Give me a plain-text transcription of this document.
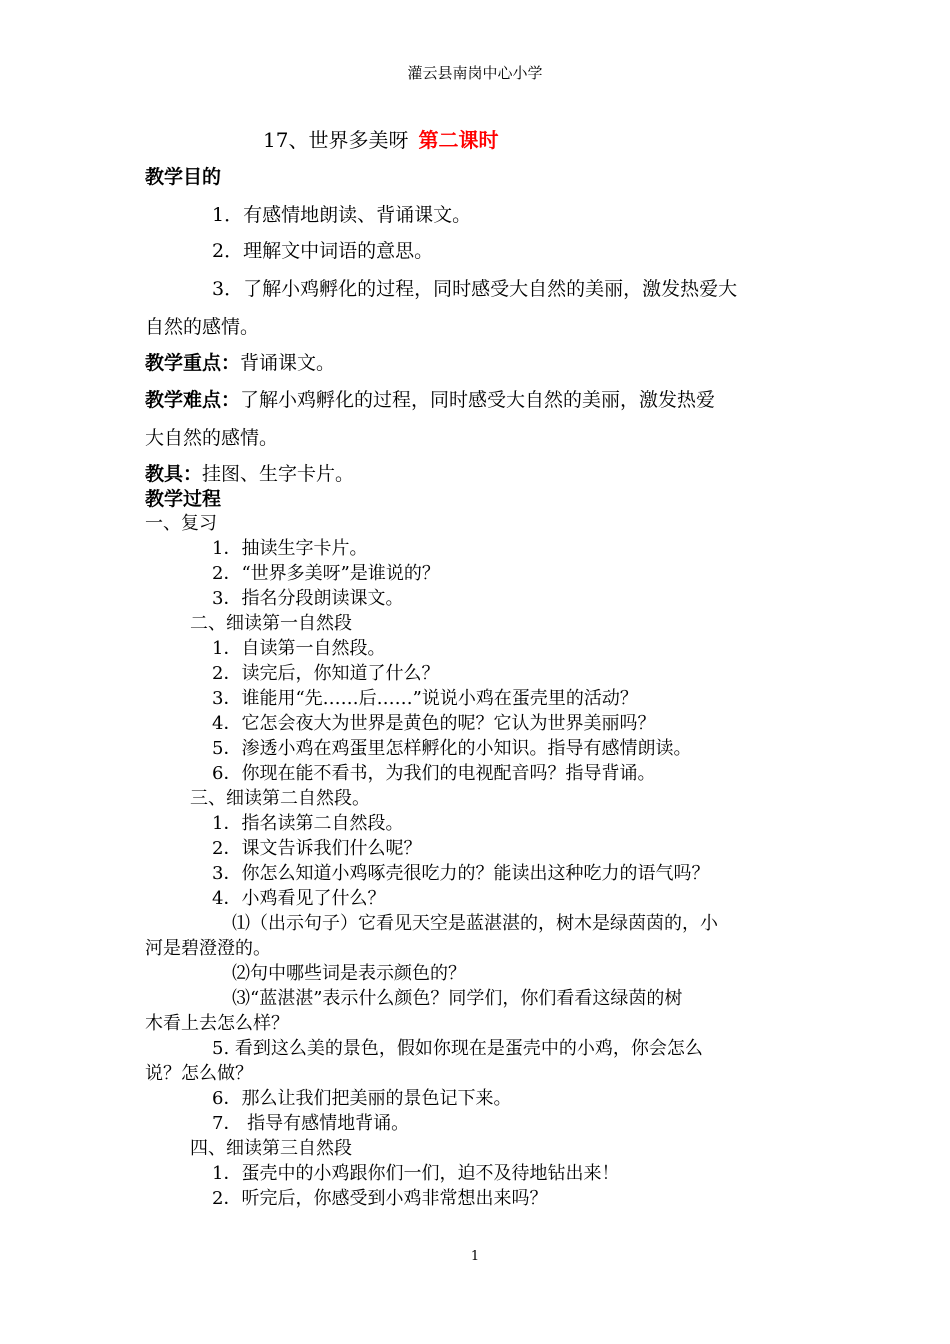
灌云县南岗中心小学
17、世界多美呀 第二课时
教学目的
1．有感情地朗读、背诵课文。
2．理解文中词语的意思。
3．了解小鸡孵化的过程，同时感受大自然的美丽，激发热爱大
自然的感情。
教学重点：背诵课文。
教学难点：了解小鸡孵化的过程，同时感受大自然的美丽，激发热爱
大自然的感情。
教具：挂图、生字卡片。
教学过程
一、复习
1．抽读生字卡片。
2．“世界多美呀”是谁说的？
3．指名分段朗读课文。
二、细读第一自然段
1．自读第一自然段。
2．读完后，你知道了什么？
3．谁能用“先……后……”说说小鸡在蛋壳里的活动？
4．它怎会夜大为世界是黄色的呢？它认为世界美丽吗？
5．渗透小鸡在鸡蛋里怎样孵化的小知识。指导有感情朗读。
6．你现在能不看书，为我们的电视配音吗？指导背诵。
三、细读第二自然段。
1．指名读第二自然段。
2．课文告诉我们什么呢？
3．你怎么知道小鸡啄壳很吃力的？能读出这种吃力的语气吗？
4．小鸡看见了什么？
⑴（出示句子）它看见天空是蓝湛湛的，树木是绿茵茵的，小
河是碧澄澄的。
⑵句中哪些词是表示颜色的？
⑶“蓝湛湛”表示什么颜色？同学们，你们看看这绿茵的树
木看上去怎么样？
5. 看到这么美的景色，假如你现在是蛋壳中的小鸡，你会怎么
说？怎么做？
6．那么让我们把美丽的景色记下来。
7． 指导有感情地背诵。
四、细读第三自然段
1．蛋壳中的小鸡跟你们一们，迫不及待地钻出来！
2．听完后，你感受到小鸡非常想出来吗？
1
